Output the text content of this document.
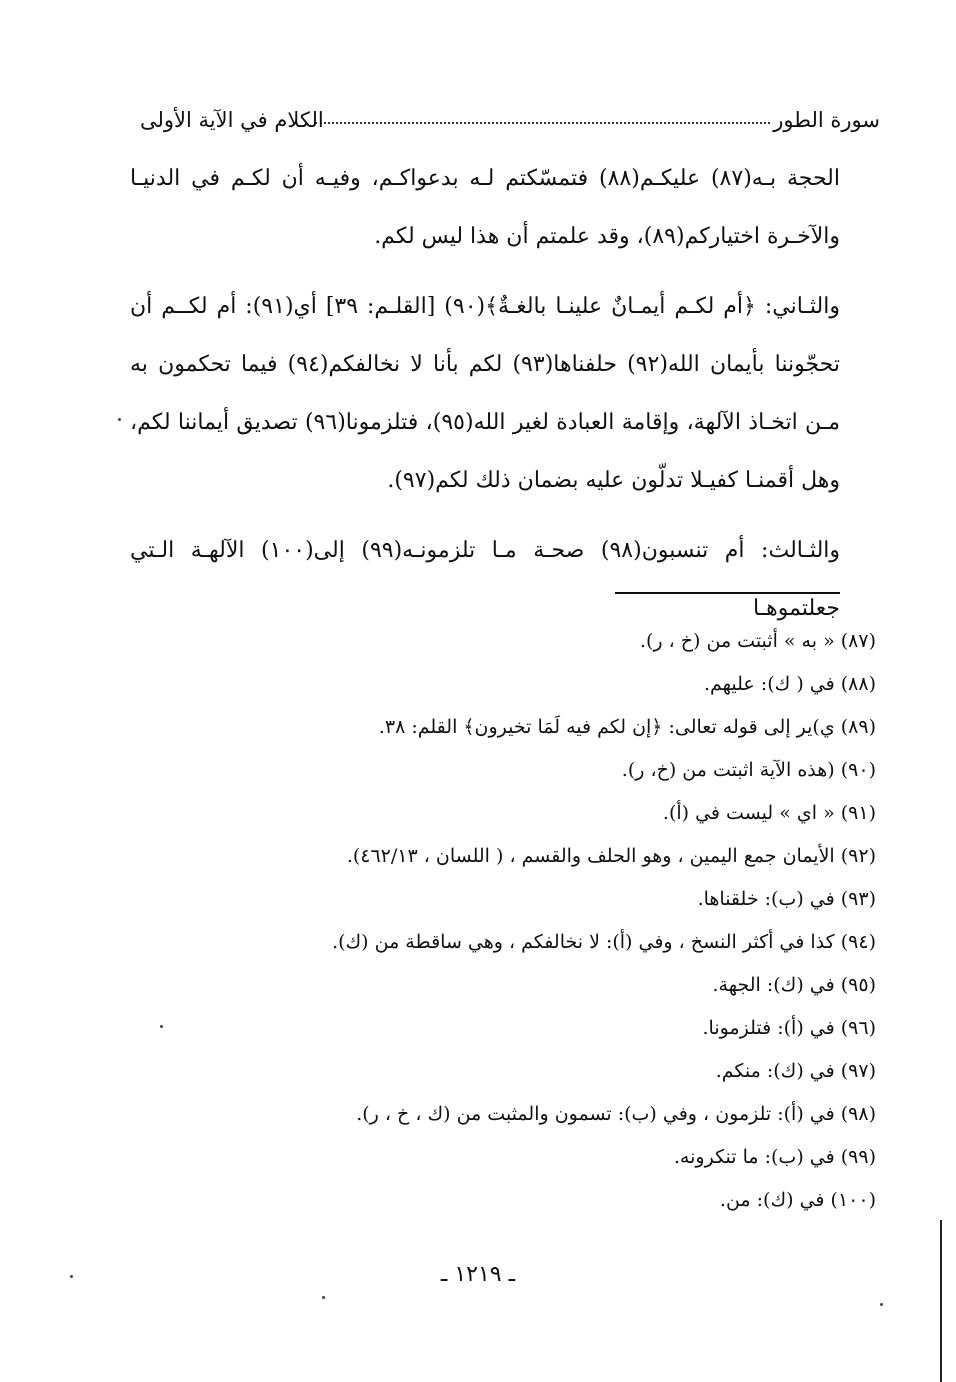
سورة الطور
الكلام في الآية الأولى

الحجة بـه(٨٧) عليكـم(٨٨) فتمسّكتم لـه بدعواكـم، وفيـه أن لكـم في الدنيـا والآخـرة اختياركم(٨٩)، وقد علمتم أن هذا ليس لكم.

والثـاني: ﴿أم لكـم أيمـانٌ علينـا بالغـةٌ﴾(٩٠) [القلـم: ٣٩] أي(٩١): أم لكــم أن تحجّوننا بأيمان الله(٩٢) حلفناها(٩٣) لكم بأنا لا نخالفكم(٩٤) فيما تحكمون به مـن اتخـاذ الآلهة، وإقامة العبادة لغير الله(٩٥)، فتلزمونا(٩٦) تصديق أيماننا لكم، وهل أقمنـا كفيـلا تدلّون عليه بضمان ذلك لكم(٩٧).

والثـالث: أم تنسبون(٩٨) صحـة مـا تلزمونـه(٩٩) إلى(١٠٠) الآلهـة الـتي جعلتموهـا

(٨٧) « به » أثبتت من (خ ، ر).
(٨٨) في ( ك): عليهم.
(٨٩) ي)ير إلى قوله تعالى: ﴿إن لكم فيه لَمَا تخيرون﴾ القلم: ٣٨.
(٩٠) (هذه الآية اثبتت من (خ، ر).
(٩١) « اي » ليست في (أ).
(٩٢) الأيمان جمع اليمين ، وهو الحلف والقسم ، ( اللسان ، ٤٦٢/١٣).
(٩٣) في (ب): خلقناها.
(٩٤) كذا في أكثر النسخ ، وفي (أ): لا نخالفكم ، وهي ساقطة من (ك).
(٩٥) في (ك): الجهة.
(٩٦) في (أ): فتلزمونا.
(٩٧) في (ك): منكم.
(٩٨) في (أ): تلزمون ، وفي (ب): تسمون والمثبت من (ك ، خ ، ر).
(٩٩) في (ب): ما تنكرونه.
(١٠٠) في (ك): من.
ـ ١٢١٩ ـ
